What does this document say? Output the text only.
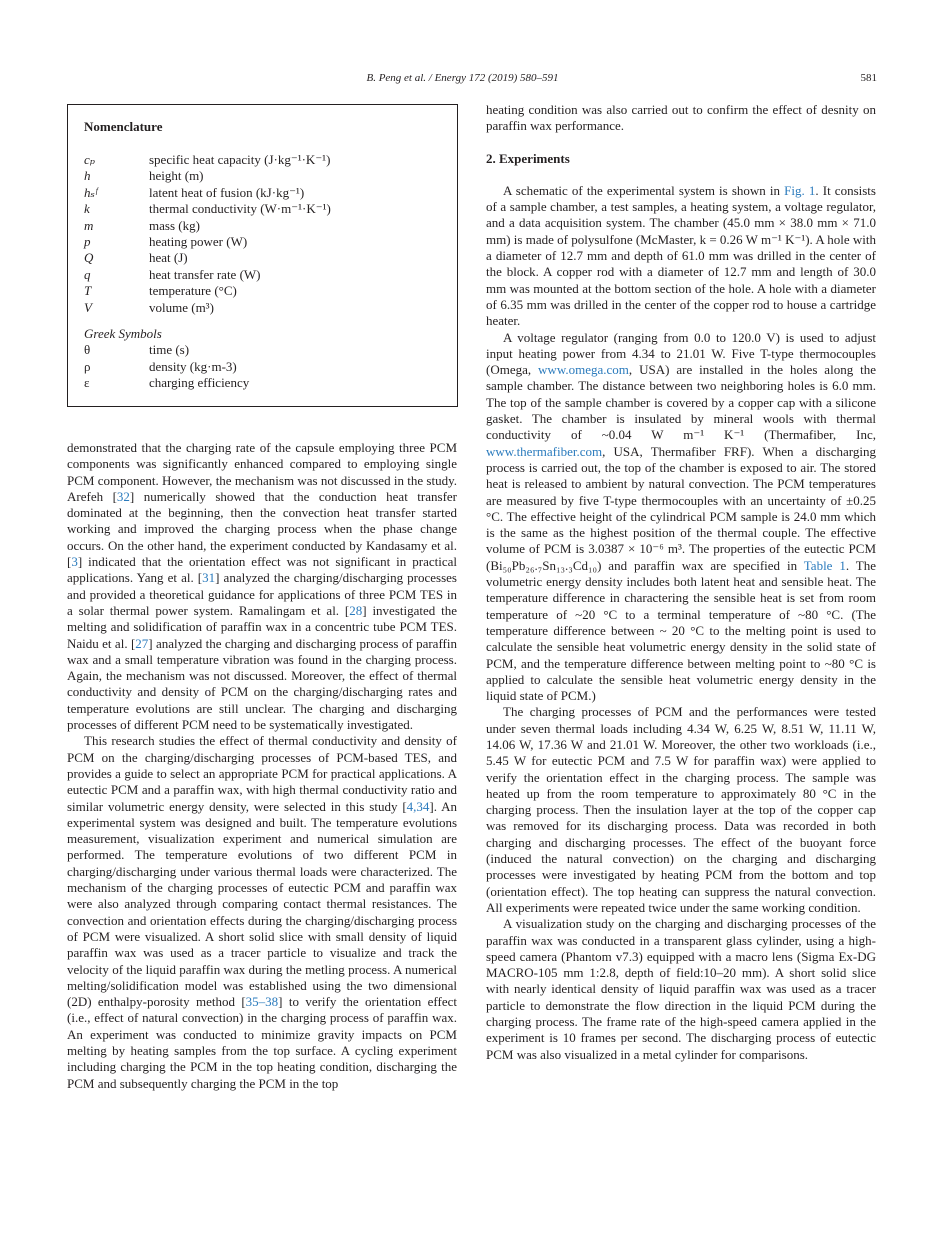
B. Peng et al. / Energy 172 (2019) 580–591	581
Nomenclature
cₚ	specific heat capacity (J·kg⁻¹·K⁻¹)
h	height (m)
hₛᶠ	latent heat of fusion (kJ·kg⁻¹)
k	thermal conductivity (W·m⁻¹·K⁻¹)
m	mass (kg)
p	heating power (W)
Q	heat (J)
q	heat transfer rate (W)
T	temperature (°C)
V	volume (m³)
Greek Symbols
θ	time (s)
ρ	density (kg·m-3)
ε	charging efficiency

demonstrated that the charging rate of the capsule employing three PCM components was significantly enhanced compared to employing single PCM component. However, the mechanism was not discussed in the study. Arefeh [32] numerically showed that the conduction heat transfer dominated at the beginning, then the convection heat transfer started working and improved the charging process when the phase change occurs. On the other hand, the experiment conducted by Kandasamy et al. [3] indicated that the orientation effect was not significant in practical applications. Yang et al. [31] analyzed the charging/discharging processes and provided a theoretical guidance for applications of three PCM TES in a solar thermal power system. Ramalingam et al. [28] investigated the melting and solidification of paraffin wax in a concentric tube PCM TES. Naidu et al. [27] analyzed the charging and discharging process of paraffin wax and a small temperature vibration was found in the charging process. Again, the mechanism was not discussed. Moreover, the effect of thermal conductivity and density of PCM on the charging/discharging rates and temperature evolutions are still unclear. The charging and discharging processes of different PCM need to be systematically investigated.

This research studies the effect of thermal conductivity and density of PCM on the charging/discharging processes of PCM-based TES, and provides a guide to select an appropriate PCM for practical applications. A eutectic PCM and a paraffin wax, with high thermal conductivity ratio and similar volumetric energy density, were selected in this study [4,34]. An experimental system was designed and built. The temperature evolutions measurement, visualization experiment and numerical simulation are performed. The temperature evolutions of two different PCM in charging/discharging under various thermal loads were characterized. The mechanism of the charging processes of eutectic PCM and paraffin wax were also analyzed through comparing contact thermal resistances. The convection and orientation effects during the charging/discharging process of PCM were visualized. A short solid slice with small density of liquid paraffin wax was used as a tracer particle to visualize and track the velocity of the liquid paraffin wax during the metling process. A numerical melting/solidification model was established using the two dimensional (2D) enthalpy-porosity method [35–38] to verify the orientation effect (i.e., effect of natural convection) in the charging process of paraffin wax. An experiment was conducted to minimize gravity impacts on PCM melting by heating samples from the top surface. A cycling experiment including charging the PCM in the top heating condition, discharging the PCM and subsequently charging the PCM in the top

heating condition was also carried out to confirm the effect of desnity on paraffin wax performance.

2. Experiments

A schematic of the experimental system is shown in Fig. 1. It consists of a sample chamber, a test samples, a heating system, a voltage regulator, and a data acquisition system. The chamber (45.0 mm × 38.0 mm × 71.0 mm) is made of polysulfone (McMaster, k = 0.26 W m⁻¹ K⁻¹). A hole with a diameter of 12.7 mm and depth of 61.0 mm was drilled in the center of the block. A copper rod with a diameter of 12.7 mm and length of 30.0 mm was mounted at the bottom section of the hole. A hole with a diameter of 6.35 mm was drilled in the center of the copper rod to house a cartridge heater.

A voltage regulator (ranging from 0.0 to 120.0 V) is used to adjust input heating power from 4.34 to 21.01 W. Five T-type thermocouples (Omega, www.omega.com, USA) are installed in the holes along the sample chamber. The distance between two neighboring holes is 6.0 mm. The top of the sample chamber is covered by a copper cap with a silicone gasket. The chamber is insulated by mineral wools with thermal conductivity of ~0.04 W m⁻¹ K⁻¹ (Thermafiber, Inc, www.thermafiber.com, USA, Thermafiber FRF). When a discharging process is carried out, the top of the chamber is exposed to air. The stored heat is released to ambient by natural convection. The PCM temperatures are measured by five T-type thermocouples with an uncertainty of ±0.25 °C. The effective height of the cylindrical PCM sample is 24.0 mm which is the same as the highest position of the thermal couple. The effective volume of PCM is 3.0387 × 10⁻⁶ m³. The properties of the eutectic PCM (Bi₅₀Pb₂₆.₇Sn₁₃.₃Cd₁₀) and paraffin wax are specified in Table 1. The volumetric energy density includes both latent heat and sensible heat. The temperature difference in charactering the sensible heat is set from room temperature of ~20 °C to a terminal temperature of ~80 °C. (The temperature difference between ~ 20 °C to the melting point is used to calculate the sensible heat volumetric energy density in the solid state of PCM, and the temperature difference between melting point to ~80 °C is applied to calculate the sensible heat volumetric energy density in the liquid state of PCM.)

The charging processes of PCM and the performances were tested under seven thermal loads including 4.34 W, 6.25 W, 8.51 W, 11.11 W, 14.06 W, 17.36 W and 21.01 W. Moreover, the other two workloads (i.e., 5.45 W for eutectic PCM and 7.5 W for paraffin wax) were applied to verify the orientation effect in the charging process. The sample was heated up from the room temperature to approximately 80 °C in the charging process. Then the insulation layer at the top of the copper cap was removed for its discharging process. Data was recorded in both charging and discharging processes. The effect of the buoyant force (induced the natural convection) on the charging and discharging processes were investigated by heating PCM from the bottom and top (orientation effect). The top heating can suppress the natural convection. All experiments were repeated twice under the same working condition.

A visualization study on the charging and discharging processes of the paraffin wax was conducted in a transparent glass cylinder, using a high-speed camera (Phantom v7.3) equipped with a macro lens (Sigma Ex-DG MACRO-105 mm 1:2.8, depth of field:10–20 mm). A short solid slice with nearly identical density of liquid paraffin wax was used as a tracer particle to demonstrate the flow direction in the liquid PCM during the charging process. The frame rate of the high-speed camera applied in the experiment is 10 frames per second. The discharging process of eutectic PCM was also visualized in a metal cylinder for comparisons.
